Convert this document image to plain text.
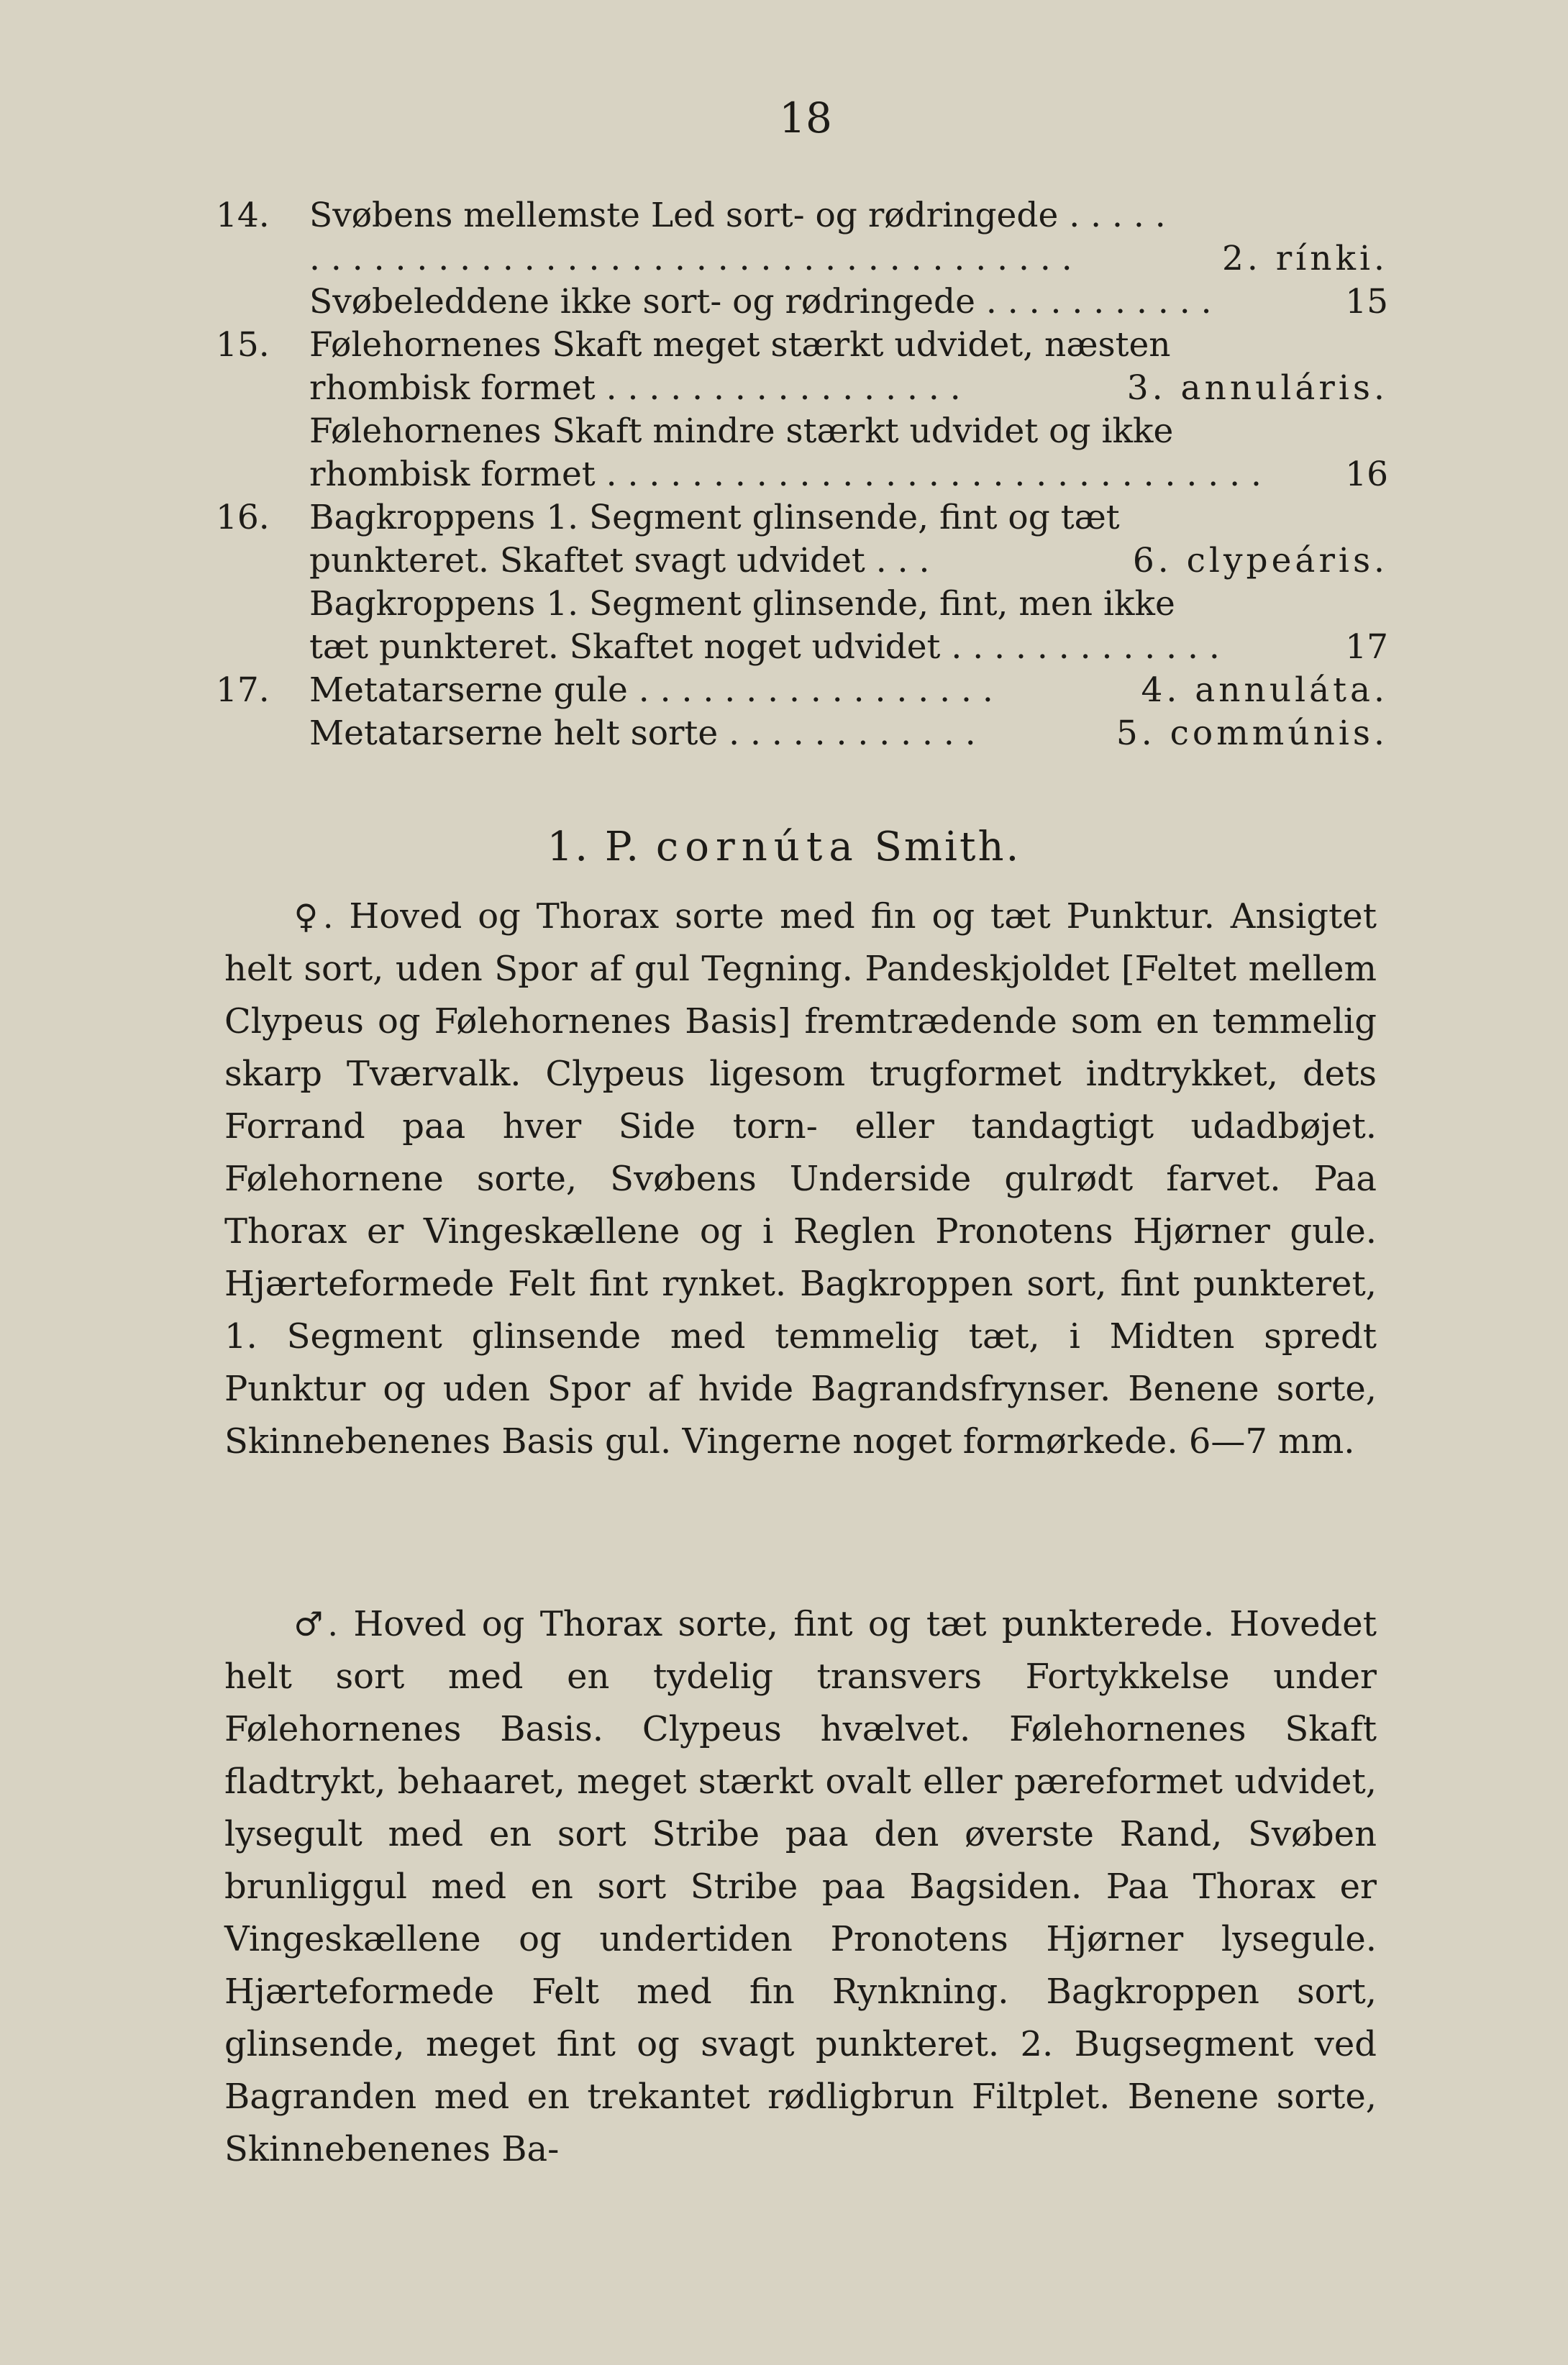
18
14.	Svøbens mellemste Led sort- og rødringede . . . . .
. . . . . . . . . . . . . . . . . . . . . . . . . . . . . . . . . . . .	2. rínki.
Svøbeleddene ikke sort- og rødringede . . . . . . . . . . .	15
15.	Følehornenes Skaft meget stærkt udvidet, næsten
rhombisk formet . . . . . . . . . . . . . . . . .	3. annuláris.
Følehornenes Skaft mindre stærkt udvidet og ikke
rhombisk formet . . . . . . . . . . . . . . . . . . . . . . . . . . . . . . . 16
16.	Bagkroppens 1. Segment glinsende, fint og tæt
punkteret. Skaftet svagt udvidet . . .	6. clypeáris.
Bagkroppens 1. Segment glinsende, fint, men ikke
tæt punkteret. Skaftet noget udvidet . . . . . . . . . . . . .	17
17.	Metatarserne gule . . . . . . . . . . . . . . . . .	4. annuláta.
Metatarserne helt sorte . . . . . . . . . . . .	5. commúnis.
1. P. cornúta Smith.
♀. Hoved og Thorax sorte med fin og tæt Punktur. Ansigtet helt sort, uden Spor af gul Tegning. Pandeskjoldet [Feltet mellem Clypeus og Følehornenes Basis] fremtrædende som en temmelig skarp Tværvalk. Clypeus ligesom trugformet indtrykket, dets Forrand paa hver Side torn- eller tandagtigt udadbøjet. Følehornene sorte, Svøbens Underside gulrødt farvet. Paa Thorax er Vingeskællene og i Reglen Pronotens Hjørner gule. Hjærteformede Felt fint rynket. Bagkroppen sort, fint punkteret, 1. Segment glinsende med temmelig tæt, i Midten spredt Punktur og uden Spor af hvide Bagrandsfrynser. Benene sorte, Skinnebenenes Basis gul. Vingerne noget formørkede. 6—7 mm.
♂. Hoved og Thorax sorte, fint og tæt punkterede. Hovedet helt sort med en tydelig transvers Fortykkelse under Følehornenes Basis. Clypeus hvælvet. Følehornenes Skaft fladtrykt, behaaret, meget stærkt ovalt eller pæreformet udvidet, lysegult med en sort Stribe paa den øverste Rand, Svøben brunliggul med en sort Stribe paa Bagsiden. Paa Thorax er Vingeskællene og undertiden Pronotens Hjørner lysegule. Hjærteformede Felt med fin Rynkning. Bagkroppen sort, glinsende, meget fint og svagt punkteret. 2. Bugsegment ved Bagranden med en trekantet rødligbrun Filtplet. Benene sorte, Skinnebenenes Ba-
